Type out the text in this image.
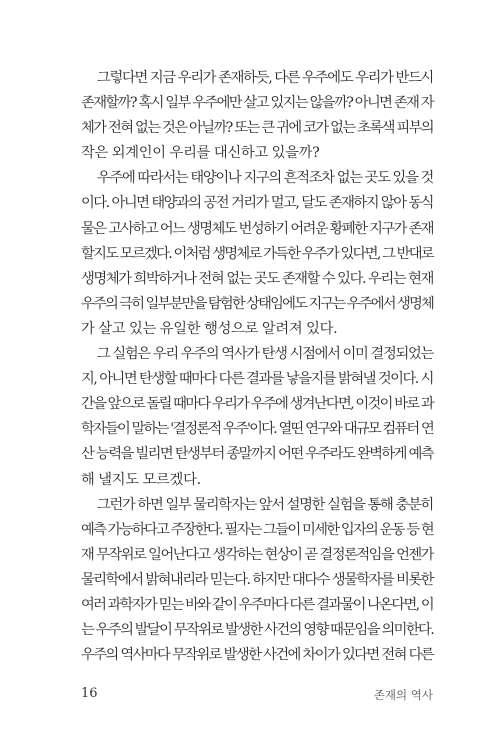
그렇다면 지금 우리가 존재하듯, 다른 우주에도 우리가 반드시
존재할까? 혹시 일부 우주에만 살고 있지는 않을까? 아니면 존재 자
체가 전혀 없는 것은 아닐까? 또는 큰 귀에 코가 없는 초록색 피부의
작은 외계인이 우리를 대신하고 있을까?

우주에 따라서는 태양이나 지구의 흔적조차 없는 곳도 있을 것
이다. 아니면 태양과의 공전 거리가 멀고, 달도 존재하지 않아 동식
물은 고사하고 어느 생명체도 번성하기 어려운 황폐한 지구가 존재
할지도 모르겠다. 이처럼 생명체로 가득한 우주가 있다면, 그 반대로
생명체가 희박하거나 전혀 없는 곳도 존재할 수 있다. 우리는 현재
우주의 극히 일부분만을 탐험한 상태임에도 지구는 우주에서 생명체
가 살고 있는 유일한 행성으로 알려져 있다.

그 실험은 우리 우주의 역사가 탄생 시점에서 이미 결정되었는
지, 아니면 탄생할 때마다 다른 결과를 낳을지를 밝혀낼 것이다. 시
간을 앞으로 돌릴 때마다 우리가 우주에 생겨난다면, 이것이 바로 과
학자들이 말하는 '결정론적 우주'이다. 열띤 연구와 대규모 컴퓨터 연
산 능력을 빌리면 탄생부터 종말까지 어떤 우주라도 완벽하게 예측
해 낼지도 모르겠다.

그런가 하면 일부 물리학자는 앞서 설명한 실험을 통해 충분히
예측 가능하다고 주장한다. 필자는 그들이 미세한 입자의 운동 등 현
재 무작위로 일어난다고 생각하는 현상이 곧 결정론적임을 언젠가
물리학에서 밝혀내리라 믿는다. 하지만 대다수 생물학자를 비롯한
여러 과학자가 믿는 바와 같이 우주마다 다른 결과물이 나온다면, 이
는 우주의 발달이 무작위로 발생한 사건의 영향 때문임을 의미한다.
우주의 역사마다 무작위로 발생한 사건에 차이가 있다면 전혀 다른

16	존재의 역사
